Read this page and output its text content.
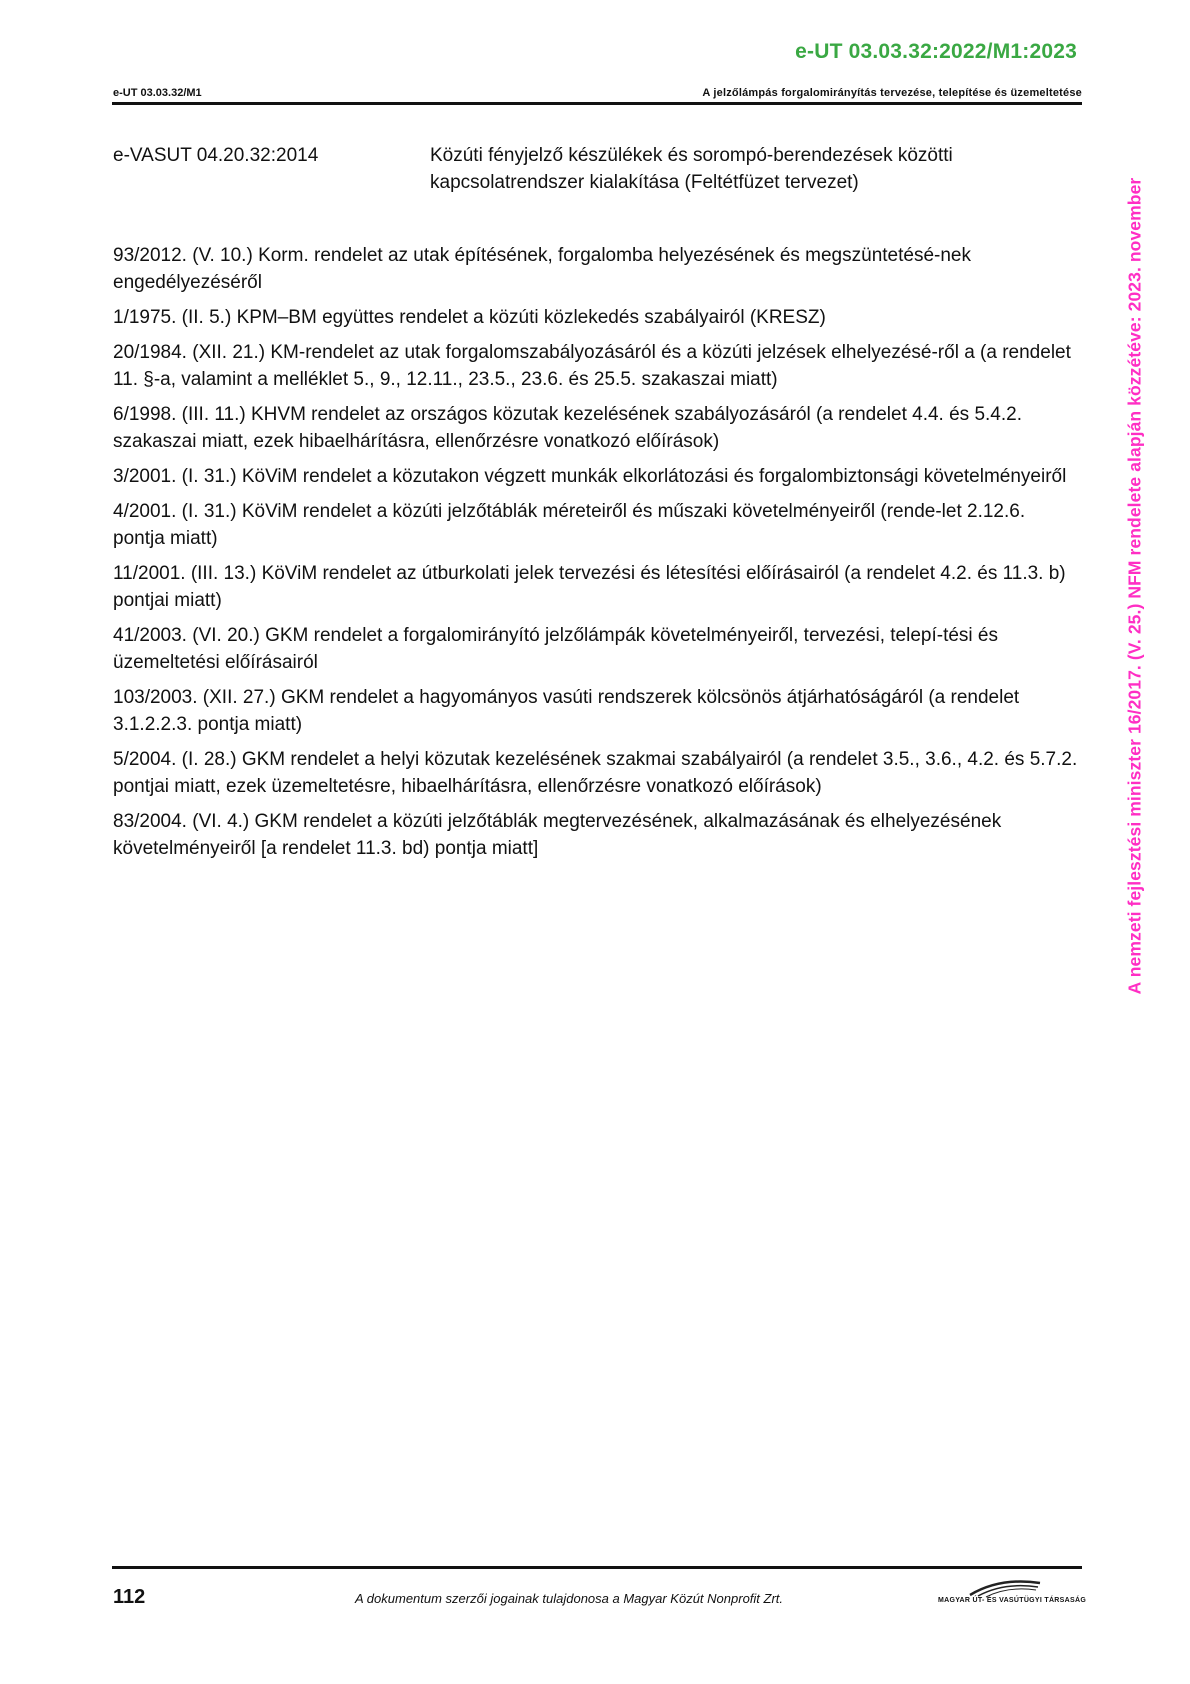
e-UT 03.03.32:2022/M1:2023
e-UT 03.03.32/M1	A jelzőlámpás forgalomirányítás tervezése, telepítése és üzemeltetése
e-VASUT 04.20.32:2014	Közúti fényjelző készülékek és sorompó-berendezések közötti kapcsolatrendszer kialakítása (Feltétfüzet tervezet)

93/2012. (V. 10.) Korm. rendelet az utak építésének, forgalomba helyezésének és megszüntetésé-nek engedélyezéséről

1/1975. (II. 5.) KPM–BM együttes rendelet a közúti közlekedés szabályairól (KRESZ)

20/1984. (XII. 21.) KM-rendelet az utak forgalomszabályozásáról és a közúti jelzések elhelyezésé-ről a (a rendelet 11. §-a, valamint a melléklet 5., 9., 12.11., 23.5., 23.6. és 25.5. szakaszai miatt)

6/1998. (III. 11.) KHVM rendelet az országos közutak kezelésének szabályozásáról (a rendelet 4.4. és 5.4.2. szakaszai miatt, ezek hibaelhárításra, ellenőrzésre vonatkozó előírások)

3/2001. (I. 31.) KöViM rendelet a közutakon végzett munkák elkorlátozási és forgalombiztonsági követelményeiről

4/2001. (I. 31.) KöViM rendelet a közúti jelzőtáblák méreteiről és műszaki követelményeiről (rende-let 2.12.6. pontja miatt)

11/2001. (III. 13.) KöViM rendelet az útburkolati jelek tervezési és létesítési előírásairól (a rendelet 4.2. és 11.3. b) pontjai miatt)

41/2003. (VI. 20.) GKM rendelet a forgalomirányító jelzőlámpák követelményeiről, tervezési, telepí-tési és üzemeltetési előírásairól

103/2003. (XII. 27.) GKM rendelet a hagyományos vasúti rendszerek kölcsönös átjárhatóságáról (a rendelet 3.1.2.2.3. pontja miatt)

5/2004. (I. 28.) GKM rendelet a helyi közutak kezelésének szakmai szabályairól (a rendelet 3.5., 3.6., 4.2. és 5.7.2. pontjai miatt, ezek üzemeltetésre, hibaelhárításra, ellenőrzésre vonatkozó előírások)

83/2004. (VI. 4.) GKM rendelet a közúti jelzőtáblák megtervezésének, alkalmazásának és elhelyezésének követelményeiről [a rendelet 11.3. bd) pontja miatt]	A nemzeti fejlesztési miniszter 16/2017. (V. 25.) NFM rendelete alapján közzétéve: 2023. november
112	A dokumentum szerzői jogainak tulajdonosa a Magyar Közút Nonprofit Zrt.	MAGYAR ÚT- ÉS VASÚTÜGYI TÁRSASÁG
